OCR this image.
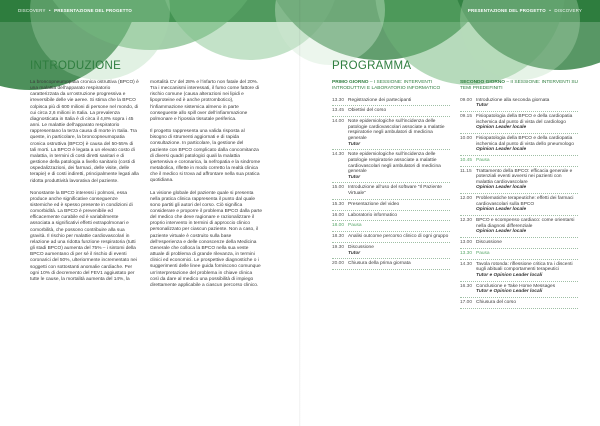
DISCOVERY • PRESENTAZIONE DEL PROGETTO	PRESENTAZIONE DEL PROGETTO • DISCOVERY
INTRODUZIONE

La broncopneumopatia cronica ostruttiva (BPCO) è una malattia dell’apparato respiratorio caratterizzata da un’ostruzione progressiva e irreversibile delle vie aeree. Si stima che la BPCO colpisca più di 600 milioni di persone nel mondo, di cui circa 2,6 milioni in Italia. La prevalenza diagnosticata in Italia è di circa il 4,8% sopra i 45 anni. Le malattie dell’apparato respiratorio rappresentano la terza causa di morte in Italia. Tra queste, in particolare, la broncopneumopatia cronica ostruttiva (BPCO) è causa del 50-55% di tali morti. La BPCO è legata a un elevato costo di malattia, in termini di costi diretti sanitari e di gestione della patologia a livello sanitario (costi di ospedalizzazioni, dei farmaci, delle visite, delle terapie) e di costi indiretti, principalmente legati alla ridotta produttività lavorativa del paziente.

Nonostante la BPCO interessi i polmoni, essa produce anche significative conseguenze sistemiche ed è spesso presente in condizioni di comorbidità. La BPCO è prevenibile ed efficacemente curabile ed è variabilmente associata a significativi effetti extrapolmonari e comorbilità, che possono contribuire alla sua gravità. Il rischio per malattie cardiovascolari in relazione ad una ridotta funzione respiratoria (tutti gli stadi BPCO) aumenta del 75% – i sintomi della BPCO aumentano di per sé il rischio di eventi coronarici del 50%, ulteriormente incrementato nei soggetti con sottostanti anomalie cardiache. Per ogni 10% di decremento del FEV1 aggiustato per tutte le cause, la mortalità aumenta del 14%, la

mortalità CV del 28% e l’infarto non fatale del 20%. Tra i meccanismi interessati, il fumo come fattore di rischio comune (causa alterazioni nei lipidi e lipoproteine ed è anche protrombotico), l’infiammazione sistemica almeno in parte conseguente allo spill over dell’infiammazione polmonare e l’ipossia tissutale periferica.

Il progetto rappresenta una valida risposta al bisogno di strumenti aggiornati e di rapida consultazione. In particolare, la gestione del paziente con BPCO complicato dalla concomitanza di diversi quadri patologici quali la malattia ipertensiva e coronarica, la nefropatia e la sindrome metabolica, riflette in modo corretto la realtà clinica che il medico si trova ad affrontare nella sua pratica quotidiana.

La visione globale del paziente quale si presenta nella pratica clinica rappresenta il punto dal quale sono partiti gli autori del corso. Ciò significa considerare e proporre il problema BPCO dalla parte del medico che deve ragionare e razionalizzare il proprio intervento in termini di approccio clinico personalizzato per ciascun paziente. Non a caso, il paziente virtuale è costruito sulla base dell’esperienza e delle conoscenze della Medicina Generale che colloca la BPCO nella sua veste attuale di problema di grande rilevanza, in termini clinici ed economici. Le prospettive diagnostiche o i suggerimenti delle linee guida forniscono comunque un’interpretazione del problema in chiave clinica così da dare al medico una possibilità di impiego direttamente applicabile a ciascun percorso clinico.

PROGRAMMA
PRIMO GIORNO – I SESSIONE: INTERVENTI INTRODUTTIVI E LABORATORIO INFORMATICO
13.30 Registrazione dei partecipanti
13.45 Obiettivi del corso
14.00 Note epidemiologiche sull’incidenza delle patologie cardiovascolari associate a malattie respiratorie negli ambulatori di medicina generale
Tutor
14.30 Note epidemiologiche sull’incidenza delle patologie respiratorie associate a malattie cardiovascolari negli ambulatori di medicina generale
Tutor
15.00 Introduzione all’uso del software “Il Paziente Virtuale”
15.30 Presentazione del video
16.00 Laboratorio informatico
18.00 Pausa
18.30 Analisi outcome percorso clinico di ogni gruppo
19.30 Discussione
Tutor
20.00 Chiusura della prima giornata
SECONDO GIORNO – II SESSIONE: INTERVENTI SU TEMI PREDEFINITI
09.00 Introduzione alla seconda giornata
Tutor
09.15 Fisiopatologia della BPCO e della cardiopatia ischemica dal punto di vista del cardiologo
Opinion Leader locale
10.00 Fisiopatologia della BPCO e della cardiopatia ischemica dal punto di vista dello pneumologo
Opinion Leader locale
10.45 Pausa
11.15 Trattamento della BPCO: efficacia generale e potenziali eventi avversi nei pazienti con malattia cardiovascolare
Opinion Leader locale
12.00 Problematiche terapeutiche: effetti dei farmaci cardiovascolari sulla BPCO
Opinion Leader locale
12.30 BPCO e scompenso cardiaco: come orientarsi nella diagnosi differenziale
Opinion Leader locale
13.00 Discussione
13.30 Pausa
14.30 Tavola rotonda: riflessione critica tra i discenti sugli abituali comportamenti terapeutici
Tutor e Opinion Leader locali
16.30 Conclusione e Take Home Messages
Tutor e Opinion Leader locali
17.00 Chiusura del corso
